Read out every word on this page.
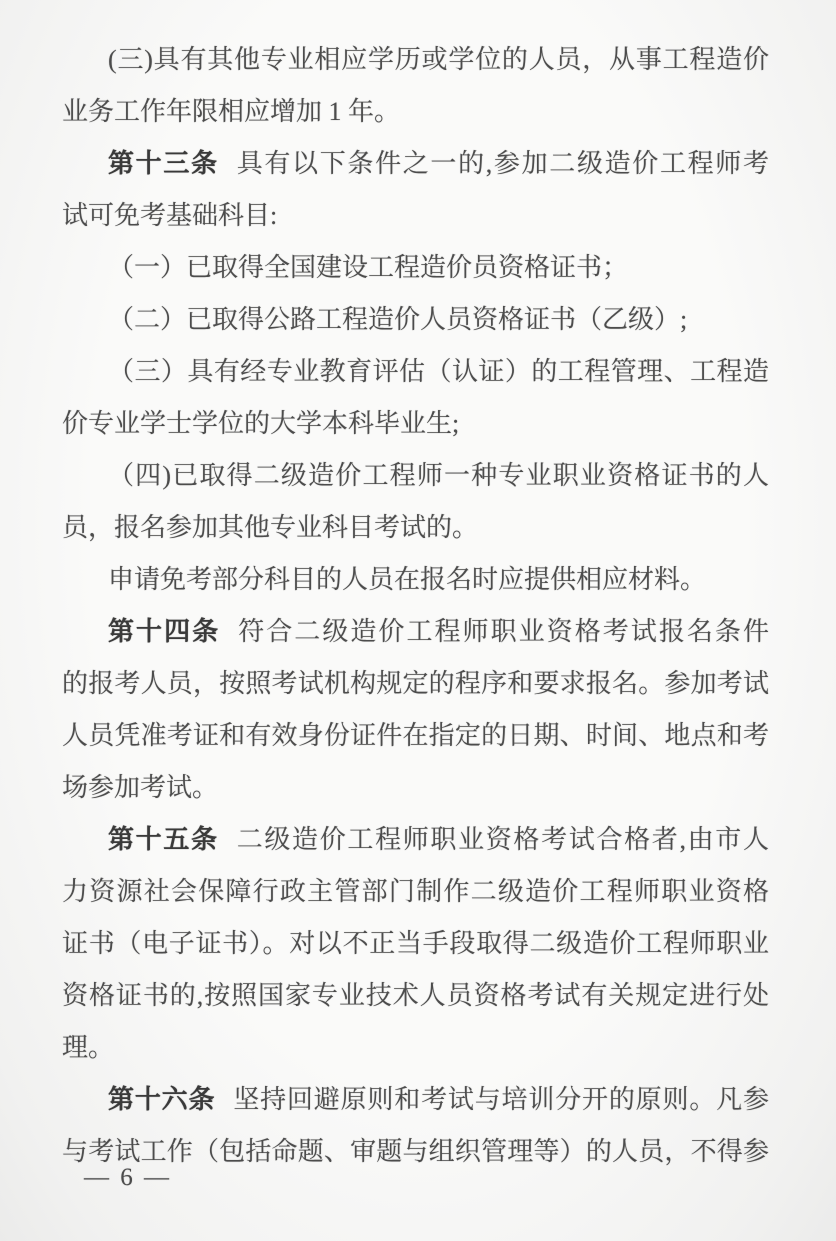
(三)具有其他专业相应学历或学位的人员，从事工程造价
业务工作年限相应增加 1 年。
第十三条 具有以下条件之一的,参加二级造价工程师考
试可免考基础科目:
（一）已取得全国建设工程造价员资格证书；
（二）已取得公路工程造价人员资格证书（乙级）;
（三）具有经专业教育评估（认证）的工程管理、工程造
价专业学士学位的大学本科毕业生;
（四)已取得二级造价工程师一种专业职业资格证书的人
员，报名参加其他专业科目考试的。
申请免考部分科目的人员在报名时应提供相应材料。
第十四条 符合二级造价工程师职业资格考试报名条件
的报考人员，按照考试机构规定的程序和要求报名。参加考试
人员凭准考证和有效身份证件在指定的日期、时间、地点和考
场参加考试。
第十五条 二级造价工程师职业资格考试合格者,由市人
力资源社会保障行政主管部门制作二级造价工程师职业资格
证书（电子证书）。对以不正当手段取得二级造价工程师职业
资格证书的,按照国家专业技术人员资格考试有关规定进行处
理。
第十六条 坚持回避原则和考试与培训分开的原则。凡参
与考试工作（包括命题、审题与组织管理等）的人员，不得参
— 6 —
